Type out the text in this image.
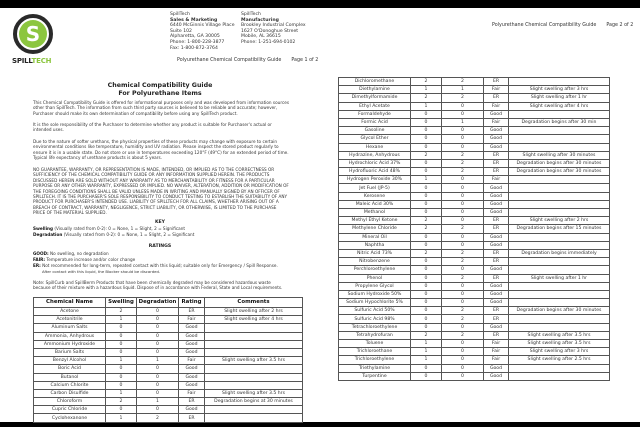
S
SPILLTECH
SpillTech
Sales & Marketing
6440 McGinnis Village Place
Suite 102
Alpharetta, GA 30005
Phone: 1-800-228-3877
Fax: 1-800-872-3764
SpillTech
Manufacturing
Brookley Industrial Complex
1627 O'Donoghue Street
Mobile, AL 36615
Phone: 1-251-694-0102
Polyurethane Chemical Compatibility Guide Page 1 of 2
Chemical Compatibility Guide
For Polyurethane Items
This Chemical Compatibility Guide is offered for informational purposes only and was developed from information sources other than SpillTech. The information from such third party sources is believed to be reliable and accurate; however, Purchaser should make its own determination of compatibility before using any SpillTech product.
It is the sole responsibility of the Purchaser to determine whether any product is suitable for Purchaser's actual or intended uses.
Due to the nature of softer urethans, the physical properties of these products may change with exposure to certain environmental conditions like temperature, humidity and UV radiation. Please inspect the stored product regularly to ensure it is in a usable state. Do not store or use in temperatures exceeding 120°F (49°C) for an extended period of time. Typical life expectancy of urethane products is about 5 years.
NO GUARANTEE, WARRANTY, OR REPRESENTATION IS MADE, INTENDED, OR IMPLIED AS TO THE CORRECTNESS OR SUFFICIENCY OF THE CHEMICAL COMPATIBILITY GUIDE OR ANY INFORMATION SUPPLIED HEREIN. THE PRODUCTS DISCUSSED HEREIN ARE SOLD WITHOUT ANY WARRANTY AS TO MERCHANTABILITY OR FITNESS FOR A PARTICULAR PURPOSE OR ANY OTHER WARRANTY, EXPRESSED OR IMPLIED. NO WAIVER, ALTERATION, ADDITION OR MODIFICATION OF THE FOREGOING CONDITIONS SHALL BE VALID UNLESS MADE IN WRITING AND MANUALLY SIGNED BY AN OFFICER OF SPILLTECH. IT IS THE PURCHASER'S SOLE RESPONSIBILITY TO CONDUCT TESTING TO ESTABLISH THE SUITABILITY OF ANY PRODUCT FOR PURCHASER'S INTENDED USE. LIABILITY OF SPILLTECH FOR ALL CLAIMS, WHETHER ARISING OUT OF A BREACH OF CONTRACT, WARRANTY, NEGLIGENCE, STRICT LIABILITY, OR OTHERWISE, IS LIMITED TO THE PURCHASE PRICE OF THE MATERIAL SUPPLIED.
KEY
Swelling (Visually rated from 0-2): 0 = None, 1 = Slight, 2 = Significant
Degradation (Visually rated from 0-2): 0 = None, 1 = Slight, 2 = Significant
RATINGS
GOOD: No swelling, no degradation
FAIR: Temperature increase and/or color change
ER: Not recommended for long-term, repeated contact with this liquid; suitable only for Emergency / Spill Response.
After contact with this liquid, the Blocker should be discarded.
Note: SpillCurb and SpillBerm Products that have been chemically degraded may be considered hazardous waste because of their mixture with a hazardous liquid. Dispose of in accordance with Federal, State and Local requirements.
Chemical Name	Swelling	Degradation	Rating	Comments
Acetone	2	0	ER	Slight swelling after 2 hrs
Acetonitrile	1	0	Fair	Slight swelling after 4 hrs
Aluminum Salts	0	0	Good	
Ammonia, Anhydrous	0	0	Good	
Ammonium Hydroxide	0	0	Good	
Barium Salts	0	0	Good	
Benzyl Alcohol	1	1	Fair	Slight swelling after 3.5 hrs
Boric Acid	0	0	Good	
Butanol	0	0	Good	
Calcium Chlorite	0	0	Good	
Carbon Disulfide	1	0	Fair	Slight swelling after 3.5 hrs
Chloroform	2	1	ER	Degradation begins at 30 minutes
Cupric Chloride	0	0	Good	
Cyclohexanone	1	2	ER	
Polyurethane Chemical Compatibility Guide Page 2 of 2
Dichloromethane	2	2	ER	
Diethylamine	1	1	Fair	Slight swelling after 3 hrs
Dimethylformamide	2	2	ER	Slight swelling after 1 hr
Ethyl Acetate	1	0	Fair	Slight swelling after 4 hrs
Formaldehyde	0	0	Good	
Formic Acid	0	1	Fair	Degradation begins after 30 min
Gasoline	0	0	Good	
Glycol Ether	0	0	Good	
Hexane	0	0	Good	
Hydrazine, Anhydrous	2	2	ER	Slight swelling after 30 minutes
Hydrochloric Acid 37%	0	2	ER	Degradation begins after 30 minutes
Hydrofluoric Acid 48%	0	2	ER	Degradation begins after 30 minutes
Hydrogen Peroxide 30%	1	0	Fair	
Jet Fuel (JP-5)	0	0	Good	
Kerosene	0	0	Good	
Maleic Acid 30%	0	0	Good	
Methanol	0	0	Good	
Methyl Ethyl Ketone	2	0	ER	Slight swelling after 2 hrs
Methylene Chloride	2	2	ER	Degradation begins after 15 minutes
Mineral Oil	0	0	Good	
Naphtha	0	0	Good	
Nitric Acid 73%	2	2	ER	Degradation begins immediately
Nitrobenzene	0	2	ER	
Perchloroethylene	0	0	Good	
Phenol	0	2	ER	Slight swelling after 1 hr
Propylene Glycol	0	0	Good	
Sodium Hydroxide 50%	0	0	Good	
Sodium Hypochlorite 5%	0	0	Good	
Sulfuric Acid 50%	0	2	ER	Degradation begins after 30 minutes
Sulfuric Acid 98%	0	2	ER	
Tetrachloroethylene	0	0	Good	
Tetrahydrofuran	2	2	ER	Slight swelling after 3.5 hrs
Toluene	1	0	Fair	Slight swelling after 3.5 hrs
Trichloroethane	1	0	Fair	Slight swelling after 3 hrs
Trichloroethylene	1	0	Fair	Slight swelling after 2.5 hrs
Triethylamine	0	0	Good	
Turpentine	0	0	Good	
